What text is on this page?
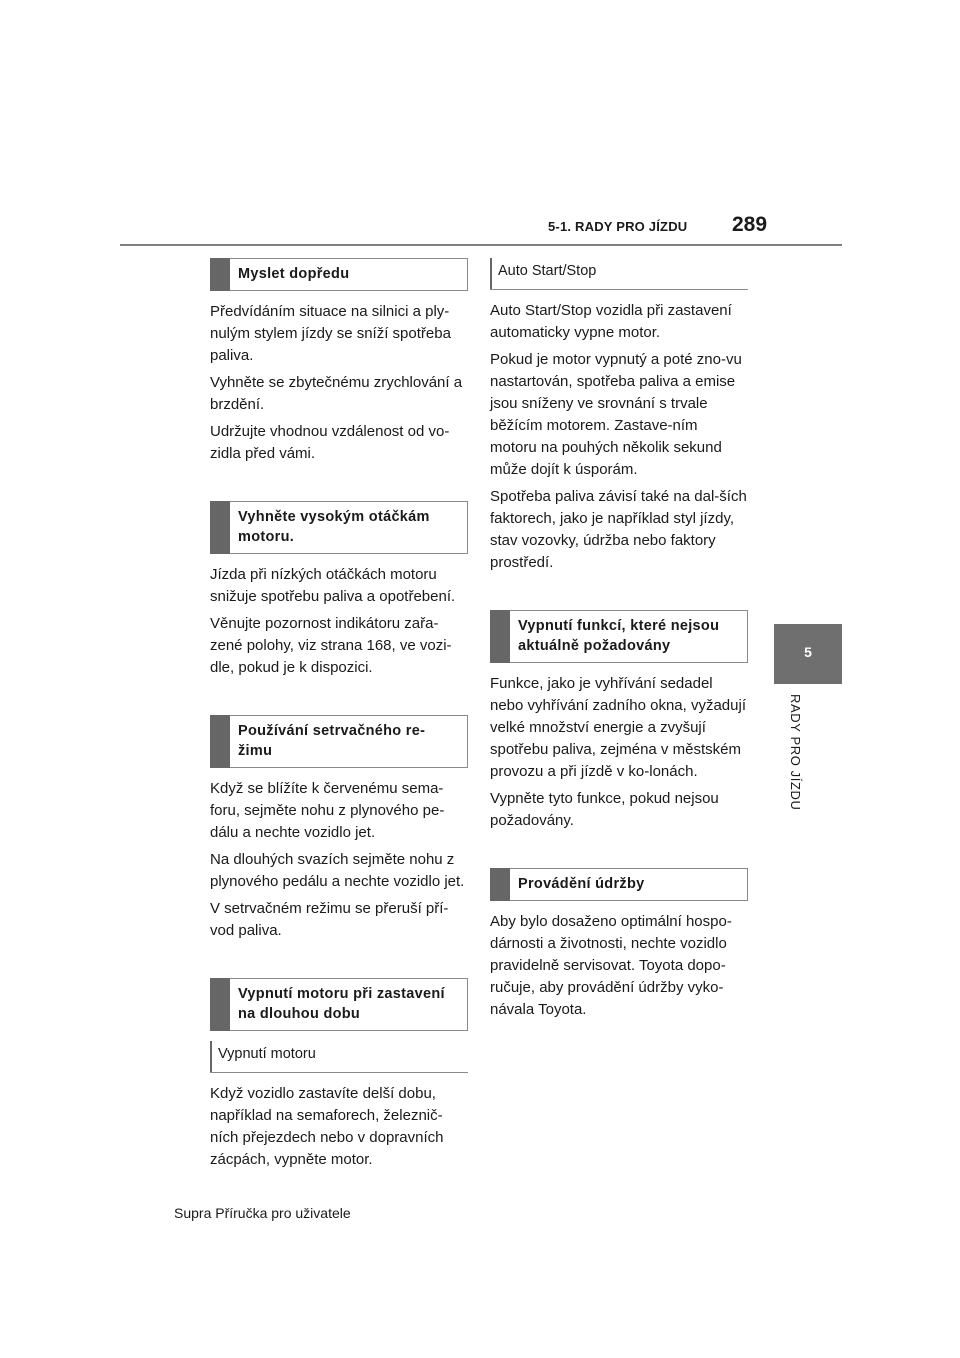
5-1. RADY PRO JÍZDU 289
5
RADY PRO JÍZDU
Myslet dopředu

Předvídáním situace na silnici a ply-nulým stylem jízdy se sníží spotřeba paliva.

Vyhněte se zbytečnému zrychlování a brzdění.

Udržujte vhodnou vzdálenost od vo-zidla před vámi.

Vyhněte vysokým otáčkám motoru.

Jízda při nízkých otáčkách motoru snižuje spotřebu paliva a opotřebení.

Věnujte pozornost indikátoru zařa-zené polohy, viz strana 168, ve vozi-dle, pokud je k dispozici.

Používání setrvačného re-žimu

Když se blížíte k červenému sema-foru, sejměte nohu z plynového pe-dálu a nechte vozidlo jet.

Na dlouhých svazích sejměte nohu z plynového pedálu a nechte vozidlo jet.

V setrvačném režimu se přeruší pří-vod paliva.

Vypnutí motoru při zastavení na dlouhou dobu
Vypnutí motoru

Když vozidlo zastavíte delší dobu, například na semaforech, železnič-ních přejezdech nebo v dopravních zácpách, vypněte motor.

Auto Start/Stop

Auto Start/Stop vozidla při zastavení automaticky vypne motor.

Pokud je motor vypnutý a poté zno-vu nastartován, spotřeba paliva a emise jsou sníženy ve srovnání s trvale běžícím motorem. Zastave-ním motoru na pouhých několik sekund může dojít k úsporám.

Spotřeba paliva závisí také na dal-ších faktorech, jako je například styl jízdy, stav vozovky, údržba nebo faktory prostředí.

Vypnutí funkcí, které nejsou aktuálně požadovány

Funkce, jako je vyhřívání sedadel nebo vyhřívání zadního okna, vyžadují velké množství energie a zvyšují spotřebu paliva, zejména v městském provozu a při jízdě v ko-lonách.

Vypněte tyto funkce, pokud nejsou požadovány.

Provádění údržby

Aby bylo dosaženo optimální hospo-dárnosti a životnosti, nechte vozidlo pravidelně servisovat. Toyota dopo-ručuje, aby provádění údržby vyko-návala Toyota.

Supra Příručka pro uživatele
